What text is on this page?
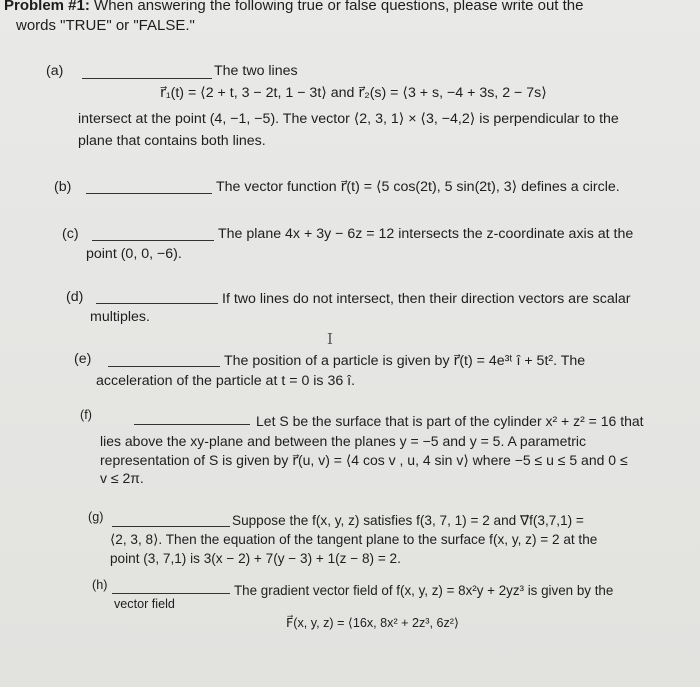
Problem #1: When answering the following true or false questions, please write out the
words "TRUE" or "FALSE."
(a)	The two lines
r⃗₁(t) = ⟨2 + t, 3 − 2t, 1 − 3t⟩ and r⃗₂(s) = ⟨3 + s, −4 + 3s, 2 − 7s⟩
intersect at the point (4, −1, −5). The vector ⟨2, 3, 1⟩ × ⟨3, −4,2⟩ is perpendicular to the
plane that contains both lines.
(b)	The vector function r⃗(t) = ⟨5 cos(2t), 5 sin(2t), 3⟩ defines a circle.
(c)	The plane 4x + 3y − 6z = 12 intersects the z-coordinate axis at the
point (0, 0, −6).
(d)	If two lines do not intersect, then their direction vectors are scalar
multiples.
I
(e)	The position of a particle is given by r⃗(t) = 4e³ᵗ î + 5t². The
acceleration of the particle at t = 0 is 36 î.
(f)	Let S be the surface that is part of the cylinder x² + z² = 16 that
lies above the xy-plane and between the planes y = −5 and y = 5. A parametric
representation of S is given by r⃗(u, v) = ⟨4 cos v , u, 4 sin v⟩ where −5 ≤ u ≤ 5 and 0 ≤
v ≤ 2π.
(g)	Suppose the f(x, y, z) satisfies f(3, 7, 1) = 2 and ∇⃗f(3,7,1) =
⟨2, 3, 8⟩. Then the equation of the tangent plane to the surface f(x, y, z) = 2 at the
point (3, 7,1) is 3(x − 2) + 7(y − 3) + 1(z − 8) = 2.
(h)	The gradient vector field of f(x, y, z) = 8x²y + 2yz³ is given by the
vector field
F⃗(x, y, z) = ⟨16x, 8x² + 2z³, 6z²⟩
